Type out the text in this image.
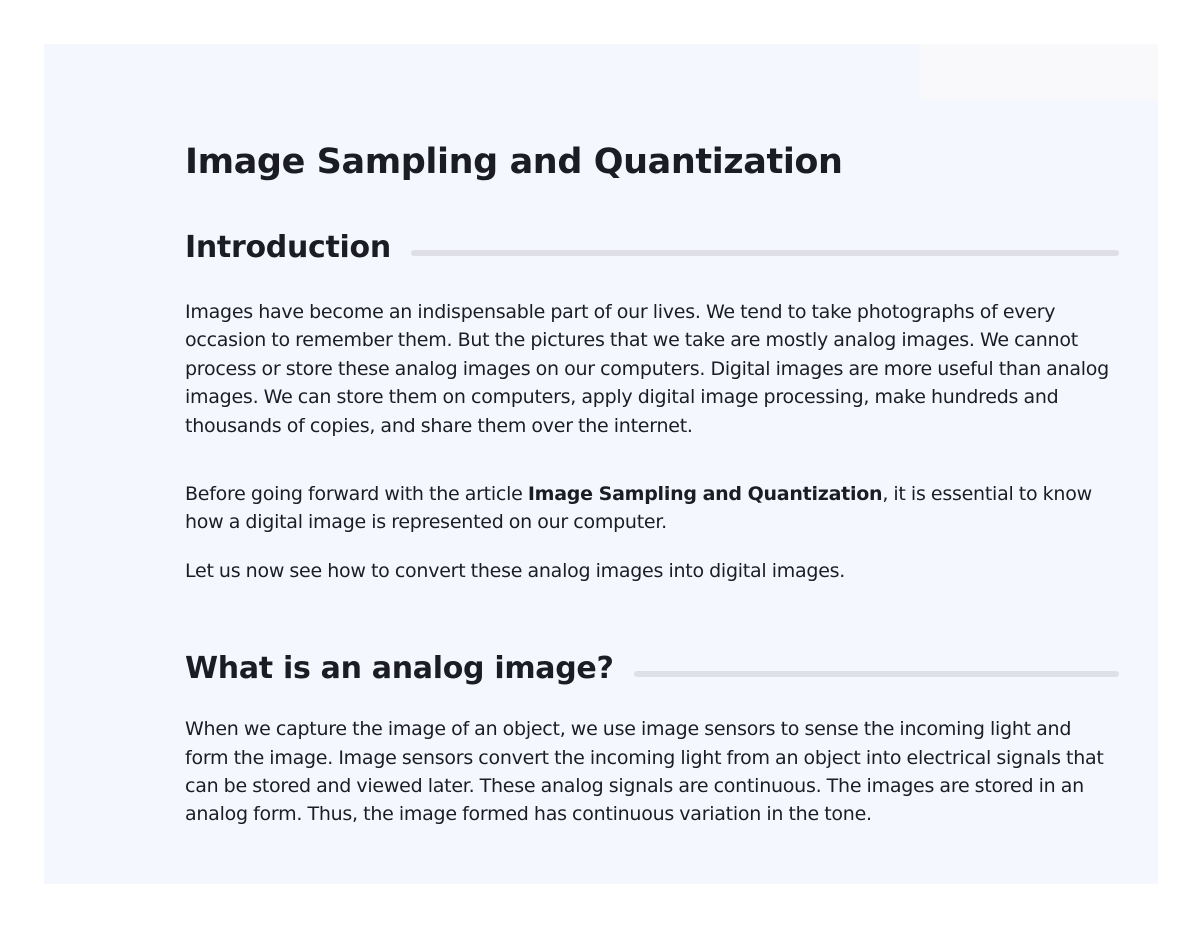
Image Sampling and Quantization
Introduction

Images have become an indispensable part of our lives. We tend to take photographs of every occasion to remember them. But the pictures that we take are mostly analog images. We cannot process or store these analog images on our computers. Digital images are more useful than analog images. We can store them on computers, apply digital image processing, make hundreds and thousands of copies, and share them over the internet.

Before going forward with the article Image Sampling and Quantization, it is essential to know how a digital image is represented on our computer.

Let us now see how to convert these analog images into digital images.

What is an analog image?

When we capture the image of an object, we use image sensors to sense the incoming light and form the image. Image sensors convert the incoming light from an object into electrical signals that can be stored and viewed later. These analog signals are continuous. The images are stored in an analog form. Thus, the image formed has continuous variation in the tone.
